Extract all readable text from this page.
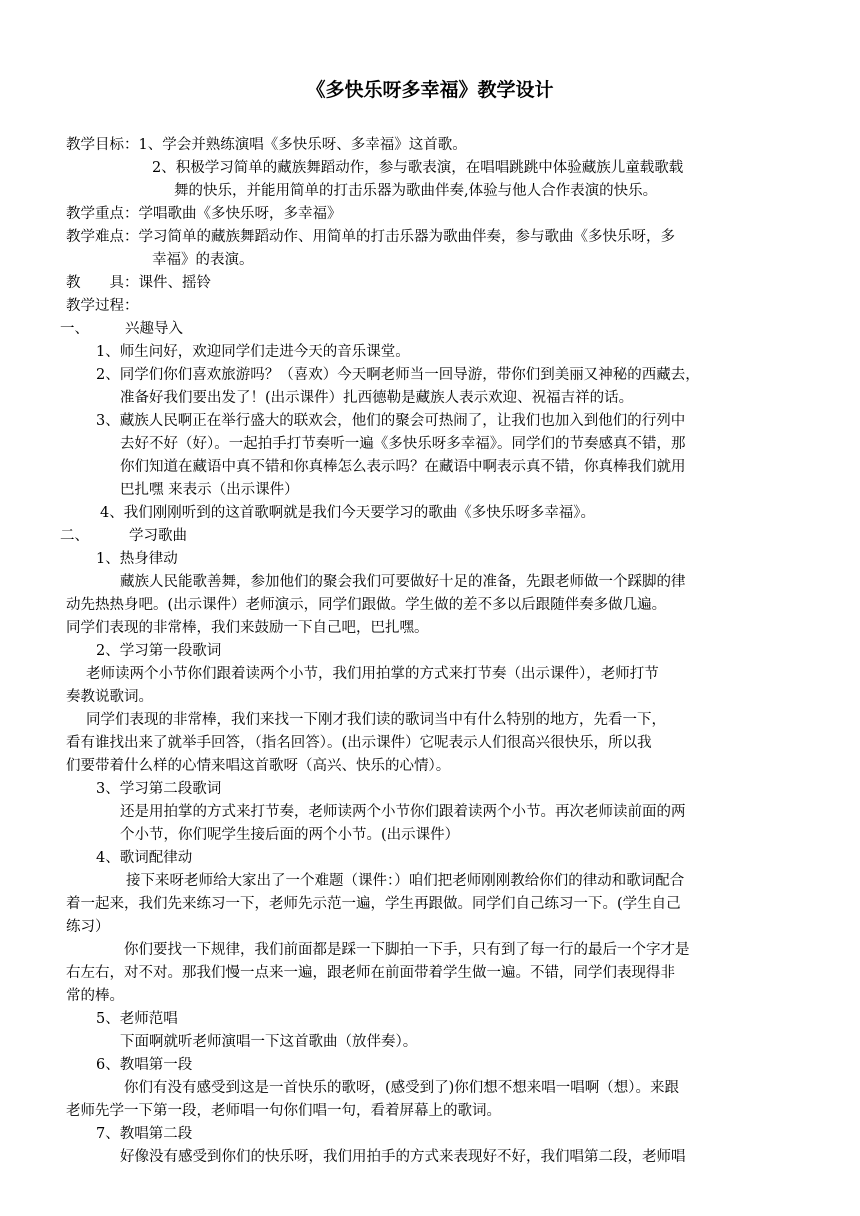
《多快乐呀多幸福》教学设计
教学目标：1、学会并熟练演唱《多快乐呀、多幸福》这首歌。
2、积极学习简单的藏族舞蹈动作，参与歌表演，在唱唱跳跳中体验藏族儿童载歌载
舞的快乐，并能用简单的打击乐器为歌曲伴奏,体验与他人合作表演的快乐。
教学重点：学唱歌曲《多快乐呀，多幸福》
教学难点：学习简单的藏族舞蹈动作、用简单的打击乐器为歌曲伴奏，参与歌曲《多快乐呀，多
幸福》的表演。
教　　具：课件、摇铃
教学过程：
一、 兴趣导入
1、师生问好，欢迎同学们走进今天的音乐课堂。
2、同学们你们喜欢旅游吗？（喜欢）今天啊老师当一回导游，带你们到美丽又神秘的西藏去，
准备好我们要出发了！(出示课件）扎西德勒是藏族人表示欢迎、祝福吉祥的话。
3、藏族人民啊正在举行盛大的联欢会，他们的聚会可热闹了，让我们也加入到他们的行列中
去好不好（好）。一起拍手打节奏听一遍《多快乐呀多幸福》。同学们的节奏感真不错，那
你们知道在藏语中真不错和你真棒怎么表示吗？在藏语中啊表示真不错，你真棒我们就用
巴扎嘿 来表示（出示课件）
4、我们刚刚听到的这首歌啊就是我们今天要学习的歌曲《多快乐呀多幸福》。
二、	学习歌曲
1、热身律动
藏族人民能歌善舞，参加他们的聚会我们可要做好十足的准备，先跟老师做一个踩脚的律
动先热热身吧。(出示课件）老师演示，同学们跟做。学生做的差不多以后跟随伴奏多做几遍。
同学们表现的非常棒，我们来鼓励一下自己吧，巴扎嘿。
2、学习第一段歌词
老师读两个小节你们跟着读两个小节，我们用拍掌的方式来打节奏（出示课件），老师打节
奏教说歌词。
同学们表现的非常棒，我们来找一下刚才我们读的歌词当中有什么特别的地方，先看一下，
看有谁找出来了就举手回答，（指名回答）。(出示课件）它呢表示人们很高兴很快乐，所以我
们要带着什么样的心情来唱这首歌呀（高兴、快乐的心情）。
3、学习第二段歌词
还是用拍掌的方式来打节奏，老师读两个小节你们跟着读两个小节。再次老师读前面的两
个小节，你们呢学生接后面的两个小节。(出示课件）
4、歌词配律动
接下来呀老师给大家出了一个难题（课件：）咱们把老师刚刚教给你们的律动和歌词配合
着一起来，我们先来练习一下，老师先示范一遍，学生再跟做。同学们自己练习一下。(学生自己
练习）
你们要找一下规律，我们前面都是踩一下脚拍一下手，只有到了每一行的最后一个字才是
右左右，对不对。那我们慢一点来一遍，跟老师在前面带着学生做一遍。不错，同学们表现得非
常的棒。
5、老师范唱
下面啊就听老师演唱一下这首歌曲（放伴奏）。
6、教唱第一段
你们有没有感受到这是一首快乐的歌呀，(感受到了)你们想不想来唱一唱啊（想）。来跟
老师先学一下第一段，老师唱一句你们唱一句，看着屏幕上的歌词。
7、教唱第二段
好像没有感受到你们的快乐呀，我们用拍手的方式来表现好不好，我们唱第二段，老师唱
